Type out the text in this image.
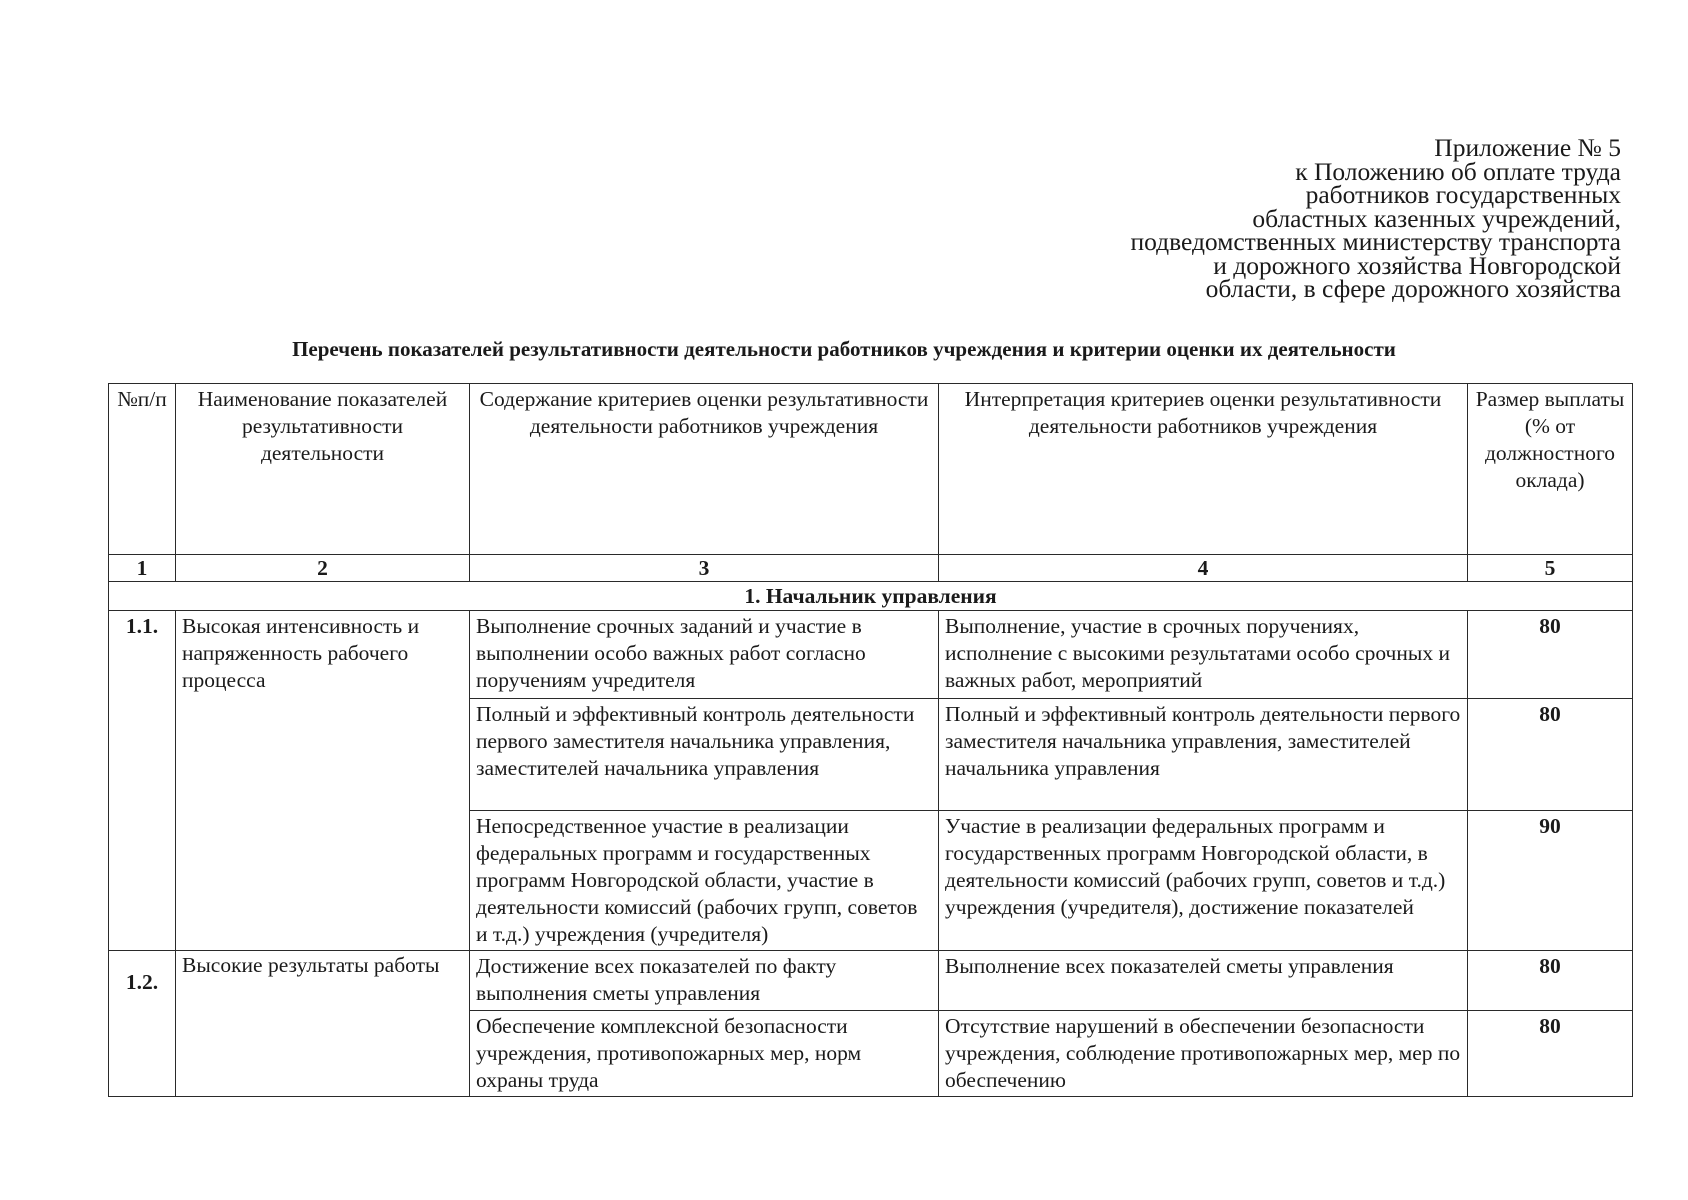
Приложение № 5
к Положению об оплате труда
работников государственных
областных казенных учреждений,
подведомственных министерству транспорта
и дорожного хозяйства Новгородской
области, в сфере дорожного хозяйства
Перечень показателей результативности деятельности работников учреждения и критерии оценки их деятельности
№п/п	Наименование показателей результативности деятельности	Содержание критериев оценки результативности деятельности работников учреждения	Интерпретация критериев оценки результативности деятельности работников учреждения	Размер выплаты (% от должностного оклада)
1	2	3	4	5
1. Начальник управления				
1.1.	Высокая интенсивность и напряженность рабочего процесса	Выполнение срочных заданий и участие в выполнении особо важных работ согласно поручениям учредителя	Выполнение, участие в срочных поручениях, исполнение с высокими результатами особо срочных и важных работ, мероприятий	80
		Полный и эффективный контроль деятельности первого заместителя начальника управления, заместителей начальника управления	Полный и эффективный контроль деятельности первого заместителя начальника управления, заместителей начальника управления	80
		Непосредственное участие в реализации федеральных программ и государственных программ Новгородской области, участие в деятельности комиссий (рабочих групп, советов и т.д.) учреждения (учредителя)	Участие в реализации федеральных программ и государственных программ Новгородской области, в деятельности комиссий (рабочих групп, советов и т.д.) учреждения (учредителя), достижение показателей	90
1.2.	Высокие результаты работы	Достижение всех показателей по факту выполнения сметы управления	Выполнение всех показателей сметы управления	80
		Обеспечение комплексной безопасности учреждения, противопожарных мер, норм охраны труда	Отсутствие нарушений в обеспечении безопасности учреждения, соблюдение противопожарных мер, мер по обеспечению	80
